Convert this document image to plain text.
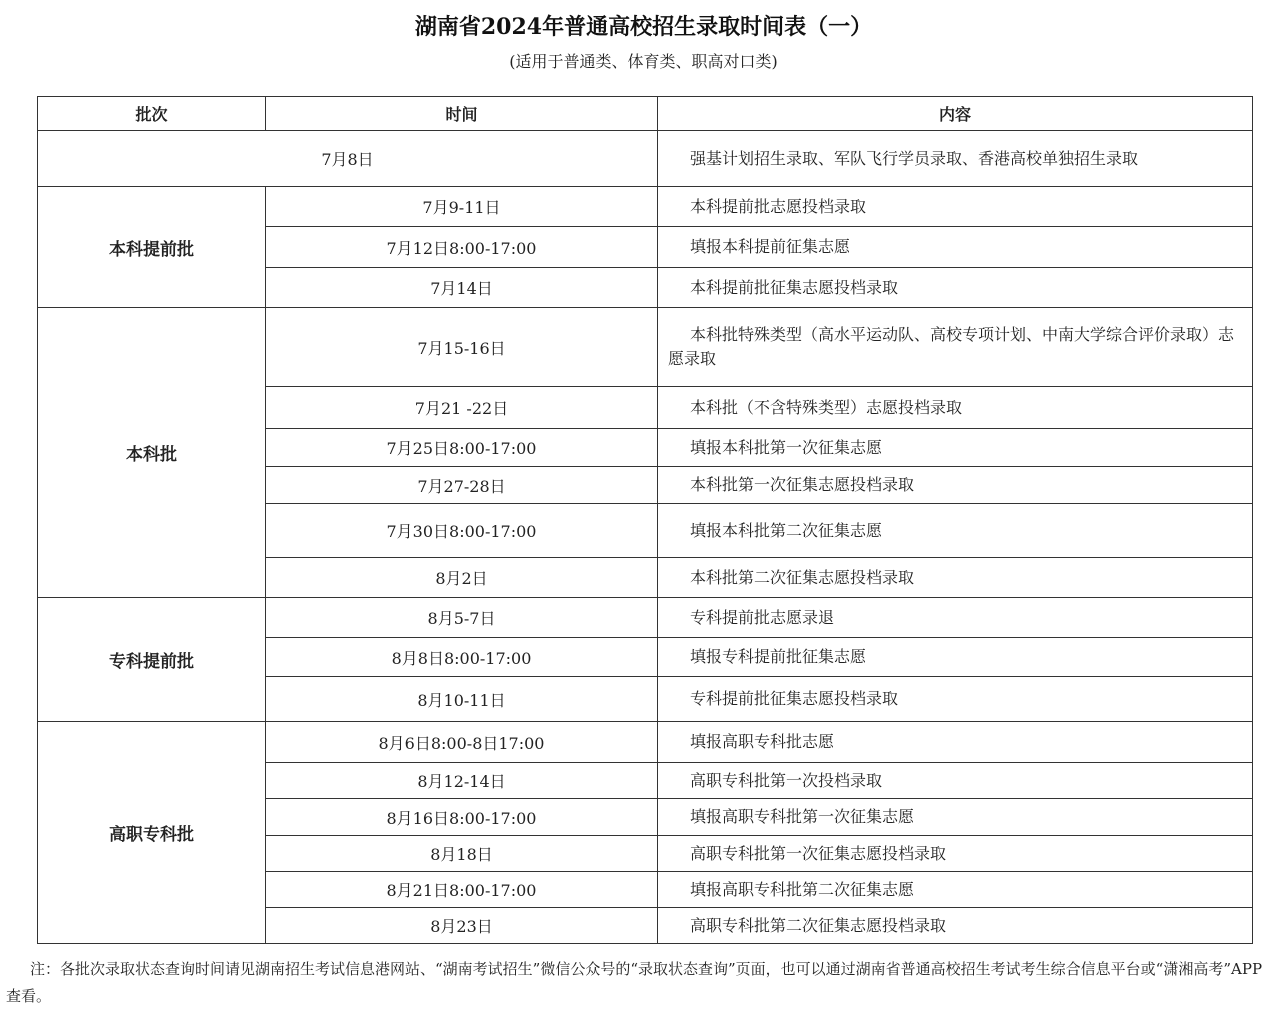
湖南省2024年普通高校招生录取时间表（一）
(适用于普通类、体育类、职高对口类)
批次	时间	内容
7月8日		强基计划招生录取、军队飞行学员录取、香港高校单独招生录取
本科提前批	7月9-11日	本科提前批志愿投档录取
	7月12日8:00-17:00	填报本科提前征集志愿
	7月14日	本科提前批征集志愿投档录取
本科批	7月15-16日	本科批特殊类型（高水平运动队、高校专项计划、中南大学综合评价录取）志愿录取
	7月21 -22日	本科批（不含特殊类型）志愿投档录取
	7月25日8:00-17:00	填报本科批第一次征集志愿
	7月27-28日	本科批第一次征集志愿投档录取
	7月30日8:00-17:00	填报本科批第二次征集志愿
	8月2日	本科批第二次征集志愿投档录取
专科提前批	8月5-7日	专科提前批志愿录退
	8月8日8:00-17:00	填报专科提前批征集志愿
	8月10-11日	专科提前批征集志愿投档录取
高职专科批	8月6日8:00-8日17:00	填报高职专科批志愿
	8月12-14日	高职专科批第一次投档录取
	8月16日8:00-17:00	填报高职专科批第一次征集志愿
	8月18日	高职专科批第一次征集志愿投档录取
	8月21日8:00-17:00	填报高职专科批第二次征集志愿
	8月23日	高职专科批第二次征集志愿投档录取
注：各批次录取状态查询时间请见湖南招生考试信息港网站、“湖南考试招生”微信公众号的“录取状态查询”页面，也可以通过湖南省普通高校招生考试考生综合信息平台或“潇湘高考”APP查看。
